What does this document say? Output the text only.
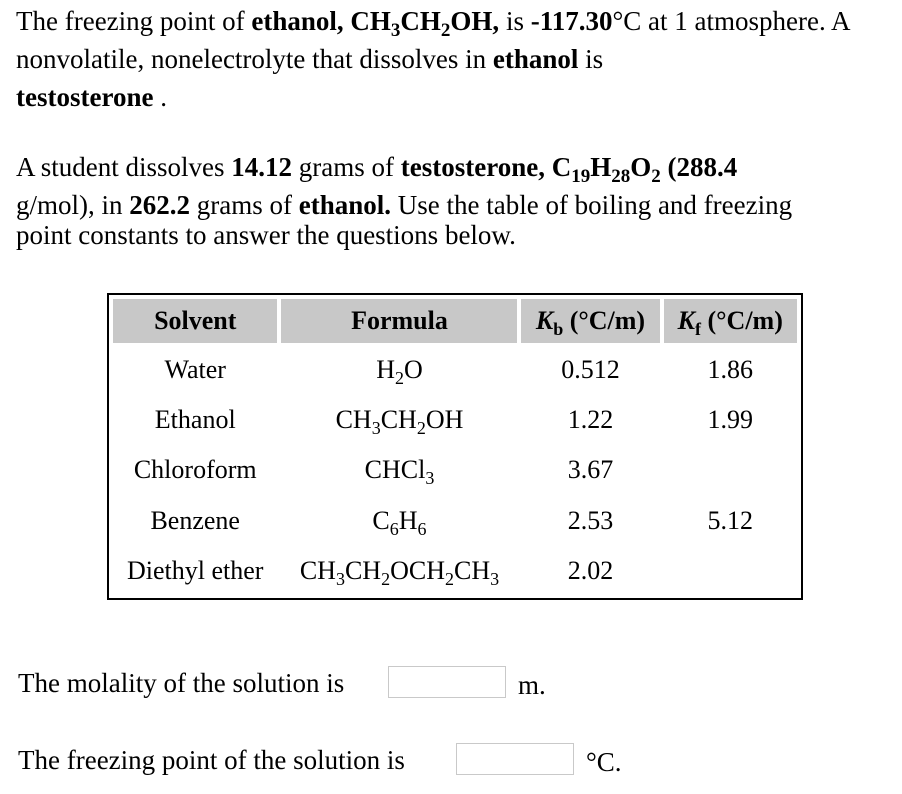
The freezing point of ethanol, $CH_3CH_2OH$, is -117.30°C at 1 atmosphere. A nonvolatile, nonelectrolyte that dissolves in ethanol is
testosterone .
A student dissolves 14.12 grams of testosterone, $C_{19}H_{28}O_2$ (288.4
g/mol), in 262.2 grams of ethanol. Use the table of boiling and freezing
point constants to answer the questions below.
Solvent	Formula	$K_b$ (°C/m)	$K_f$ (°C/m)
Water	$H_2O$	0.512	1.86
Ethanol	$CH_3CH_2OH$	1.22	1.99
Chloroform	CHCl$_3$	3.67	
Benzene	$C_6H_6$	2.53	5.12
Diethyl ether	$CH_3CH_2OCH_2CH_3$	2.02	
The molality of the solution is	m.
The freezing point of the solution is	°C.
